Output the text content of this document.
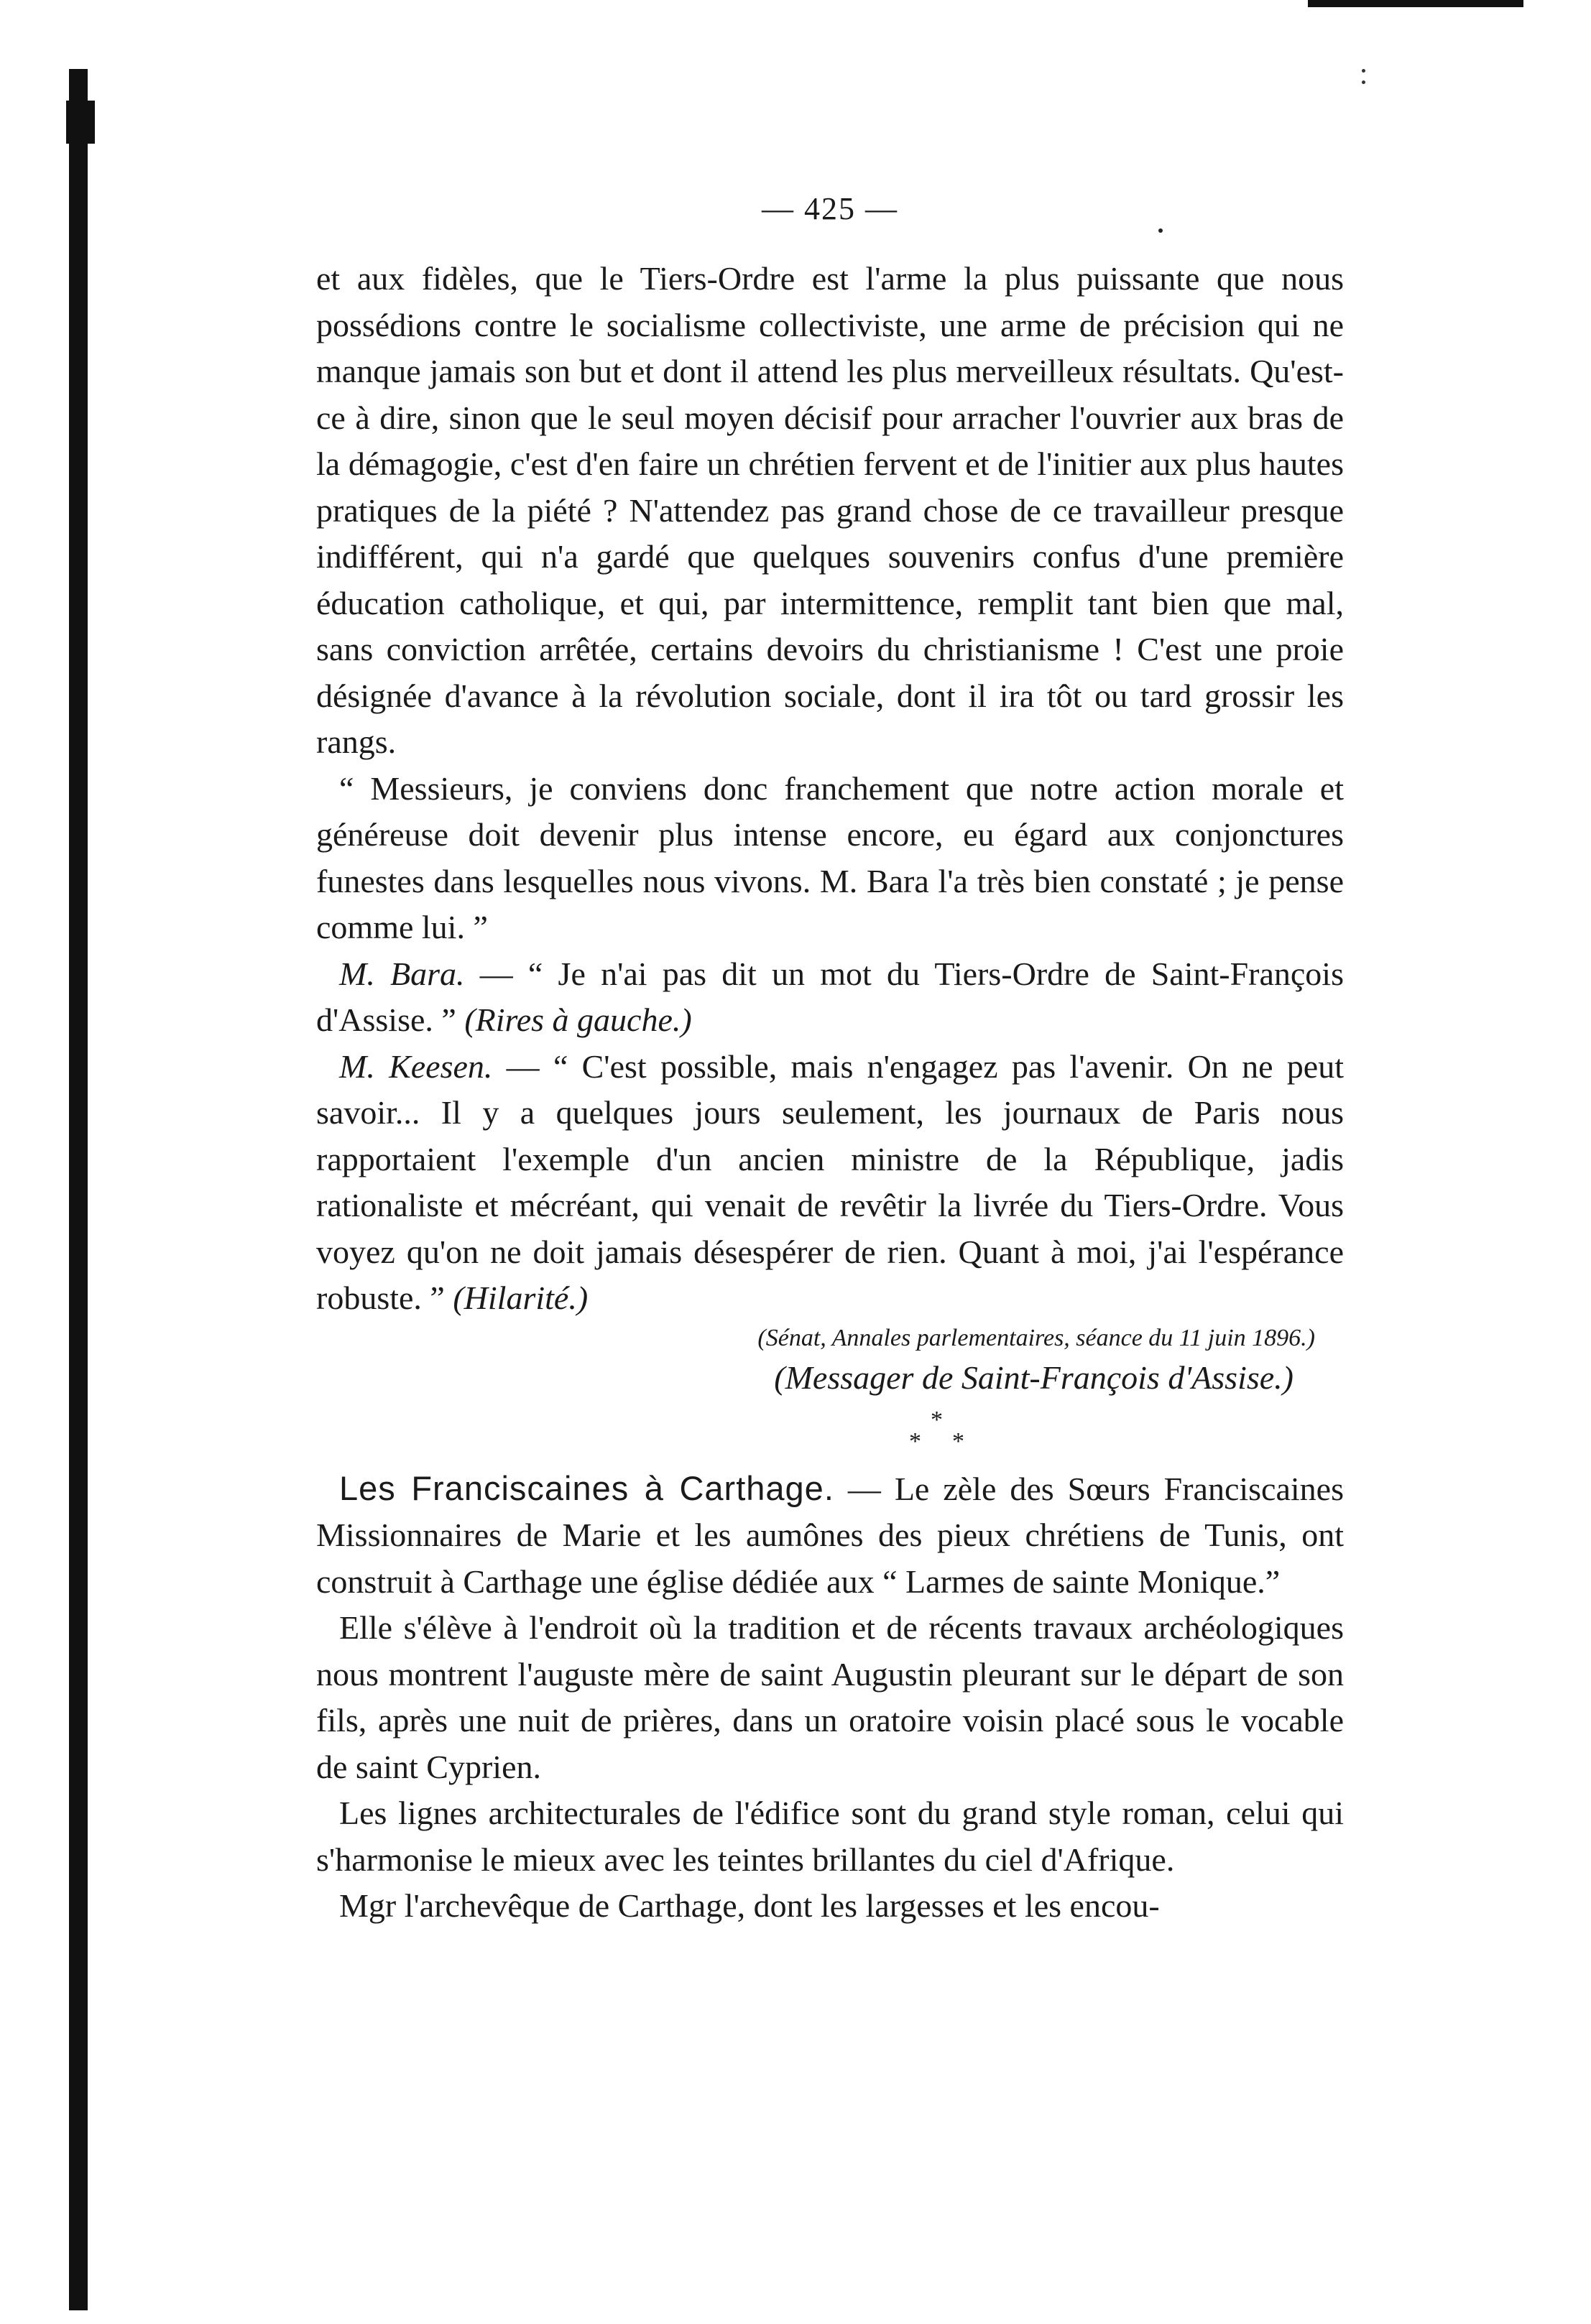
— 425 —

et aux fidèles, que le Tiers-Ordre est l'arme la plus puissante que nous possédions contre le socialisme collectiviste, une arme de précision qui ne manque jamais son but et dont il attend les plus merveilleux résultats. Qu'est-ce à dire, sinon que le seul moyen décisif pour arracher l'ouvrier aux bras de la démagogie, c'est d'en faire un chrétien fervent et de l'initier aux plus hautes pratiques de la piété ? N'attendez pas grand chose de ce travailleur presque indifférent, qui n'a gardé que quelques souvenirs confus d'une première éducation catholique, et qui, par intermittence, remplit tant bien que mal, sans conviction arrêtée, certains devoirs du christianisme ! C'est une proie désignée d'avance à la révolution sociale, dont il ira tôt ou tard grossir les rangs.

“ Messieurs, je conviens donc franchement que notre action morale et généreuse doit devenir plus intense encore, eu égard aux conjonctures funestes dans lesquelles nous vivons. M. Bara l'a très bien constaté ; je pense comme lui. ”

M. Bara. — “ Je n'ai pas dit un mot du Tiers-Ordre de Saint-François d'Assise. ” (Rires à gauche.)

M. Keesen. — “ C'est possible, mais n'engagez pas l'avenir. On ne peut savoir... Il y a quelques jours seulement, les journaux de Paris nous rapportaient l'exemple d'un ancien ministre de la République, jadis rationaliste et mécréant, qui venait de revêtir la livrée du Tiers-Ordre. Vous voyez qu'on ne doit jamais désespérer de rien. Quant à moi, j'ai l'espérance robuste. ” (Hilarité.)

(Sénat, Annales parlementaires, séance du 11 juin 1896.)
(Messager de Saint-François d'Assise.)
*
* *

Les Franciscaines à Carthage. — Le zèle des Sœurs Franciscaines Missionnaires de Marie et les aumônes des pieux chrétiens de Tunis, ont construit à Carthage une église dédiée aux “ Larmes de sainte Monique.”

Elle s'élève à l'endroit où la tradition et de récents travaux archéologiques nous montrent l'auguste mère de saint Augustin pleurant sur le départ de son fils, après une nuit de prières, dans un oratoire voisin placé sous le vocable de saint Cyprien.

Les lignes architecturales de l'édifice sont du grand style roman, celui qui s'harmonise le mieux avec les teintes brillantes du ciel d'Afrique.

Mgr l'archevêque de Carthage, dont les largesses et les encou-
